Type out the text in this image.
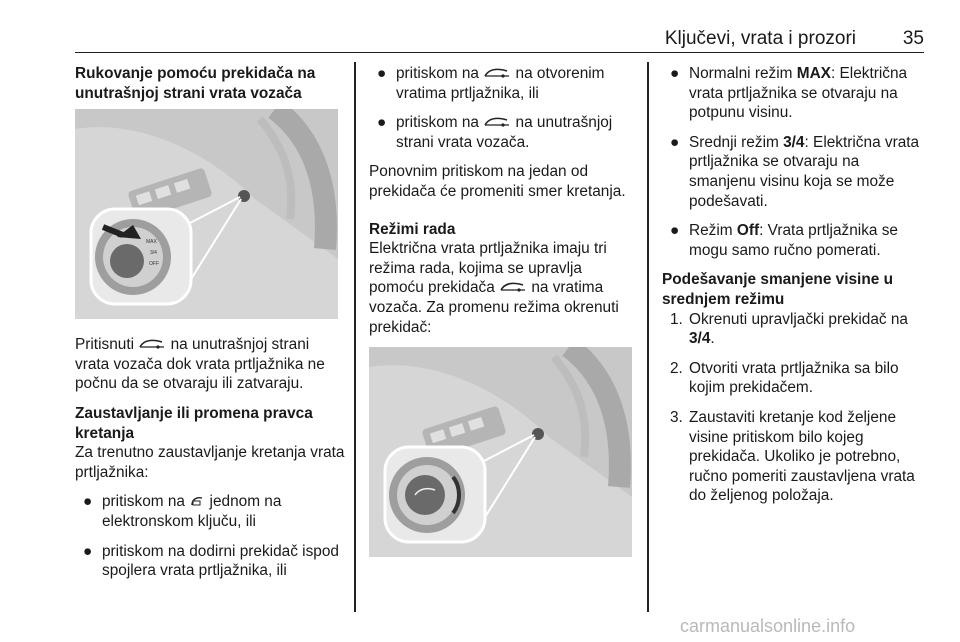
Ključevi, vrata i prozori 35
Rukovanje pomoću prekidača na unutrašnjoj strani vrata vozača
MAX
3/4
OFF

Pritisnuti na unutrašnjoj strani vrata vozača dok vrata prtljažnika ne počnu da se otvaraju ili zatvaraju.

Zaustavljanje ili promena pravca kretanja

Za trenutno zaustavljanje kretanja vrata prtljažnika:

● pritiskom na jednom na elektronskom ključu, ili
● pritiskom na dodirni prekidač ispod spojlera vrata prtljažnika, ili
● pritiskom na na otvorenim vratima prtljažnika, ili
● pritiskom na na unutrašnjoj strani vrata vozača.

Ponovnim pritiskom na jedan od prekidača će promeniti smer kretanja.

Režimi rada

Električna vrata prtljažnika imaju tri režima rada, kojima se upravlja pomoću prekidača na vratima vozača. Za promenu režima okrenuti prekidač:

● Normalni režim MAX: Električna vrata prtljažnika se otvaraju na potpunu visinu.
● Srednji režim 3/4: Električna vrata prtljažnika se otvaraju na smanjenu visinu koja se može podešavati.
● Režim Off: Vrata prtljažnika se mogu samo ručno pomerati.
Podešavanje smanjene visine u srednjem režimu
1. Okrenuti upravljački prekidač na 3/4.
2. Otvoriti vrata prtljažnika sa bilo kojim prekidačem.
3. Zaustaviti kretanje kod željene visine pritiskom bilo kojeg prekidača. Ukoliko je potrebno, ručno pomeriti zaustavljena vrata do željenog položaja.
carmanualsonline.info
